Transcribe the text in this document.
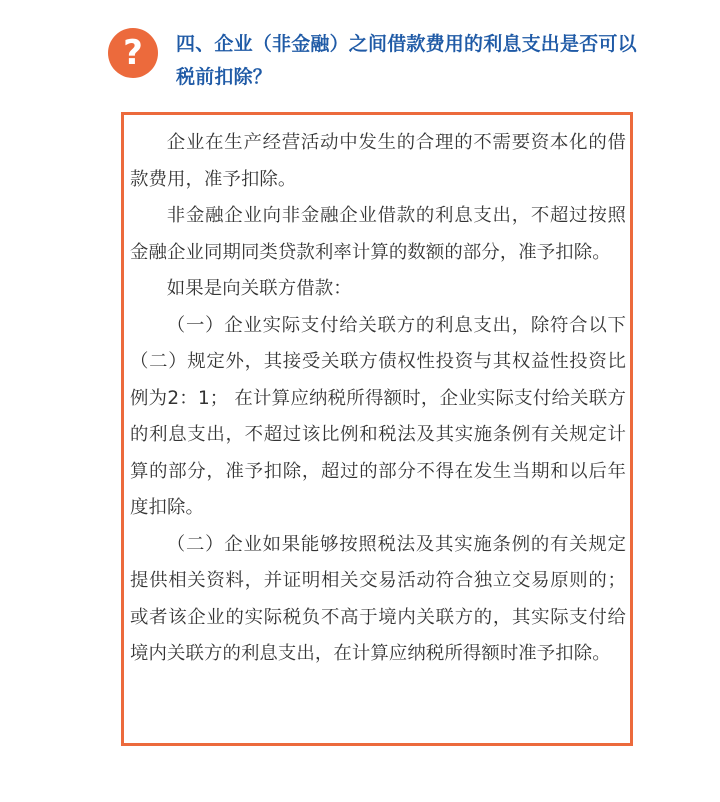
?	四、企业（非金融）之间借款费用的利息支出是否可以税前扣除？

企业在生产经营活动中发生的合理的不需要资本化的借款费用，准予扣除。

非金融企业向非金融企业借款的利息支出，不超过按照金融企业同期同类贷款利率计算的数额的部分，准予扣除。

如果是向关联方借款：

（一）企业实际支付给关联方的利息支出，除符合以下（二）规定外，其接受关联方债权性投资与其权益性投资比例为2：1； 在计算应纳税所得额时，企业实际支付给关联方的利息支出，不超过该比例和税法及其实施条例有关规定计算的部分，准予扣除，超过的部分不得在发生当期和以后年度扣除。

（二）企业如果能够按照税法及其实施条例的有关规定提供相关资料，并证明相关交易活动符合独立交易原则的；或者该企业的实际税负不高于境内关联方的，其实际支付给境内关联方的利息支出，在计算应纳税所得额时准予扣除。
